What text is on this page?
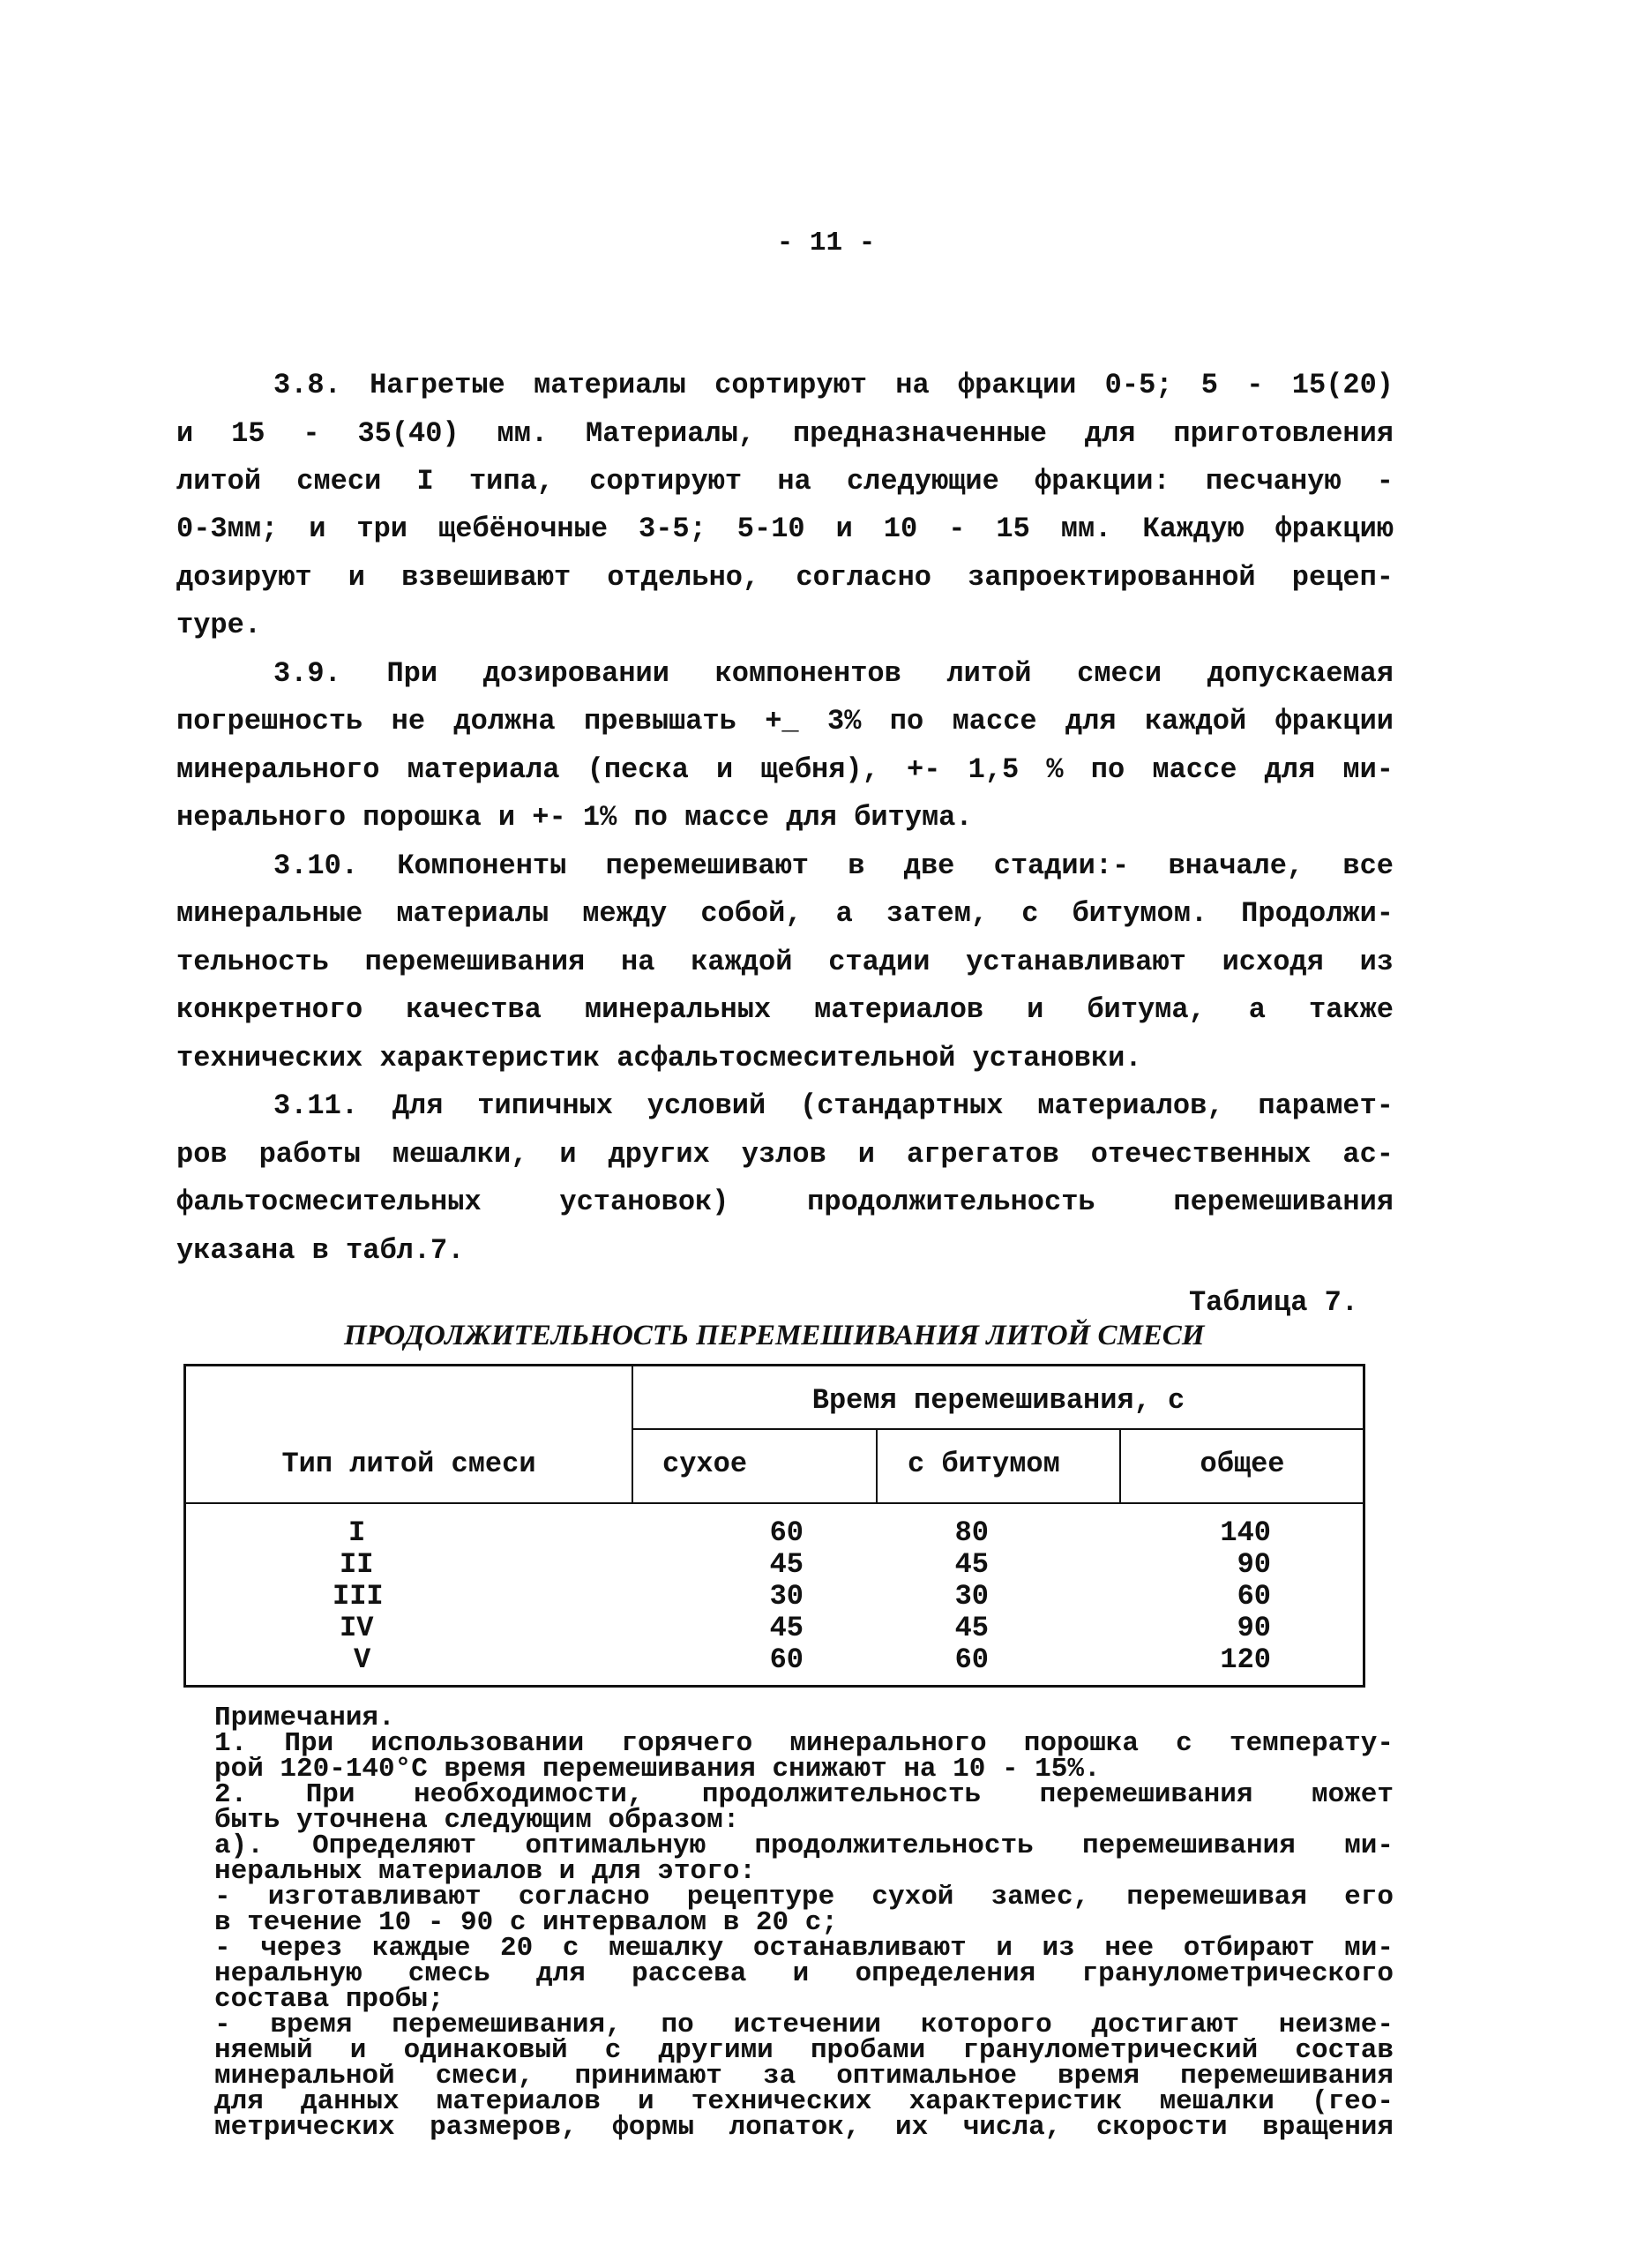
- 11 -
3.8. Нагретые материалы сортируют на фракции 0-5; 5 - 15(20)
и 15 - 35(40) мм. Материалы, предназначенные для приготовления
литой смеси I типа, сортируют на следующие фракции: песчаную -
0-3мм; и три щебёночные 3-5; 5-10 и 10 - 15 мм. Каждую фракцию
дозируют и взвешивают отдельно, согласно запроектированной рецеп-
туре.
3.9. При дозировании компонентов литой смеси допускаемая
погрешность не должна превышать +_ 3% по массе для каждой фракции
минерального материала (песка и щебня), +- 1,5 % по массе для ми-
нерального порошка и +- 1% по массе для битума.
3.10. Компоненты перемешивают в две стадии:- вначале, все
минеральные материалы между собой, а затем, с битумом. Продолжи-
тельность перемешивания на каждой стадии устанавливают исходя из
конкретного качества минеральных материалов и битума, а также
технических характеристик асфальтосмесительной установки.
3.11. Для типичных условий (стандартных материалов, парамет-
ров работы мешалки, и других узлов и агрегатов отечественных ас-
фальтосмесительных установок) продолжительность перемешивания
указана в табл.7.
Таблица 7.
ПРОДОЛЖИТЕЛЬНОСТЬ ПЕРЕМЕШИВАНИЯ ЛИТОЙ СМЕСИ
Тип литой смеси
Время перемешивания, с
сухое	с битумом	общее
I	60	80	140
II	45	45	90
III	30	30	60
IV	45	45	90
V	60	60	120
Примечания.
1. При использовании горячего минерального порошка с температу-
рой 120-140°С время перемешивания снижают на 10 - 15%.
2. При необходимости, продолжительность перемешивания может
быть уточнена следующим образом:
а). Определяют оптимальную продолжительность перемешивания ми-
неральных материалов и для этого:
- изготавливают согласно рецептуре сухой замес, перемешивая его
в течение 10 - 90 с интервалом в 20 с;
- через каждые 20 с мешалку останавливают и из нее отбирают ми-
неральную смесь для рассева и определения гранулометрического
состава пробы;
- время перемешивания, по истечении которого достигают неизме-
няемый и одинаковый с другими пробами гранулометрический состав
минеральной смеси, принимают за оптимальное время перемешивания
для данных материалов и технических характеристик мешалки (гео-
метрических размеров, формы лопаток, их числа, скорости вращения
